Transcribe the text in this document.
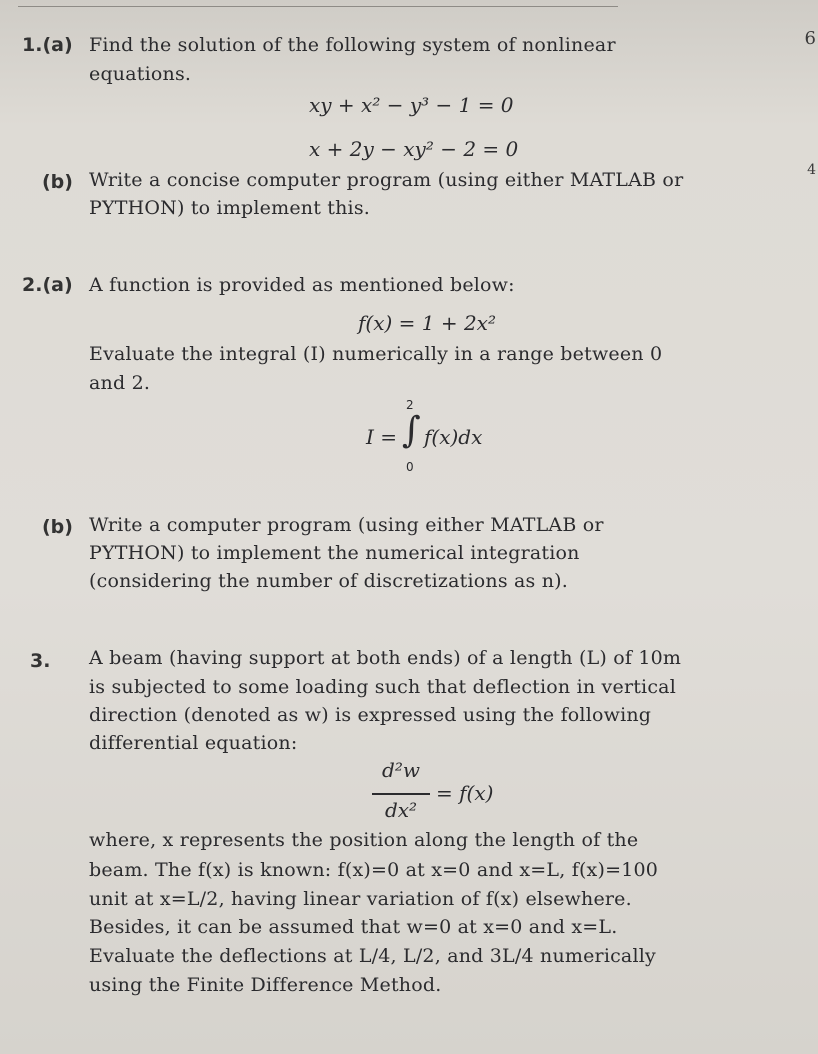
6
4
1.(a) Find the solution of the following system of nonlinear
equations.
xy + x² − y³ − 1 = 0
x + 2y − xy² − 2 = 0
(b) Write a concise computer program (using either MATLAB or
PYTHON) to implement this.
2.(a) A function is provided as mentioned below:
f(x) = 1 + 2x²
Evaluate the integral (I) numerically in a range between 0
and 2.
I =
2
∫
0
f(x)dx
(b) Write a computer program (using either MATLAB or
PYTHON) to implement the numerical integration
(considering the number of discretizations as n).
3. A beam (having support at both ends) of a length (L) of 10m
is subjected to some loading such that deflection in vertical
direction (denoted as w) is expressed using the following
differential equation:
d²w
dx²
= f(x)
where, x represents the position along the length of the
beam. The f(x) is known: f(x)=0 at x=0 and x=L, f(x)=100
unit at x=L/2, having linear variation of f(x) elsewhere.
Besides, it can be assumed that w=0 at x=0 and x=L.
Evaluate the deflections at L/4, L/2, and 3L/4 numerically
using the Finite Difference Method.
